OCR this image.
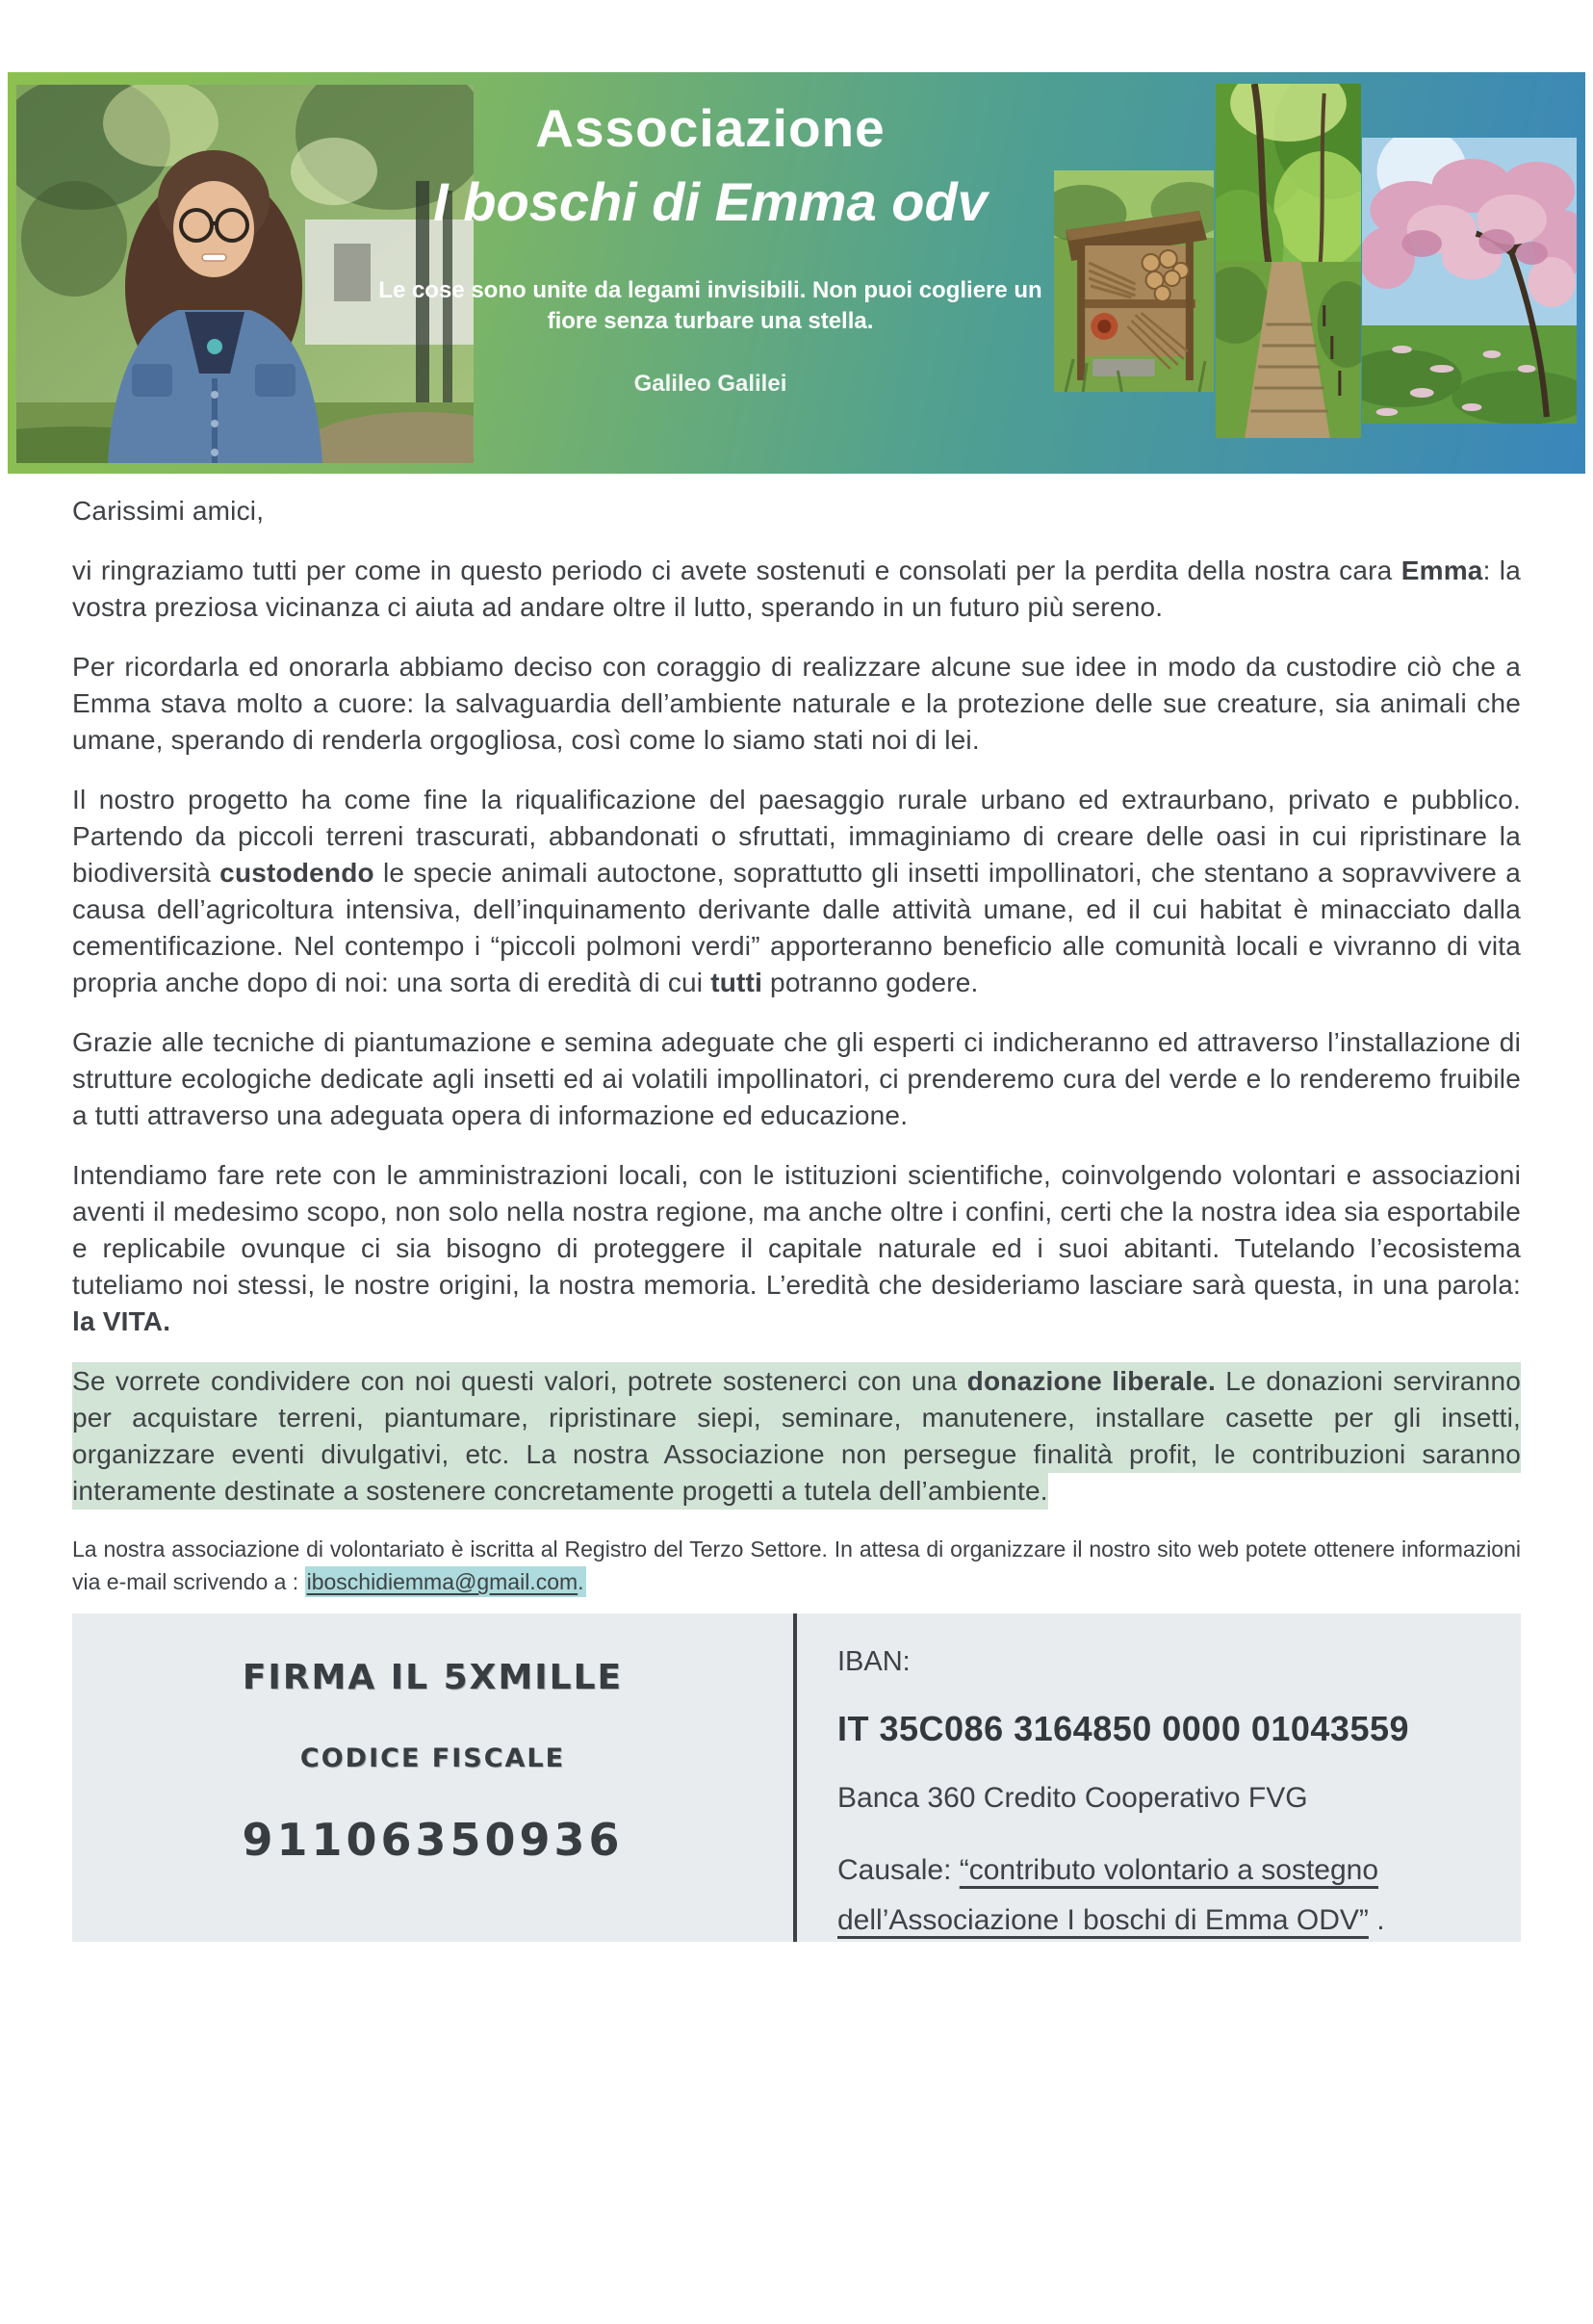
Associazione
I boschi di Emma odv
Le cose sono unite da legami invisibili. Non puoi cogliere un
fiore senza turbare una stella.
Galileo Galilei

Carissimi amici,

vi ringraziamo tutti per come in questo periodo ci avete sostenuti e consolati per la perdita della nostra cara Emma: la vostra preziosa vicinanza ci aiuta ad andare oltre il lutto, sperando in un futuro più sereno.

Per ricordarla ed onorarla abbiamo deciso con coraggio di realizzare alcune sue idee in modo da custodire ciò che a Emma stava molto a cuore: la salvaguardia dell’ambiente naturale e la protezione delle sue creature, sia animali che umane, sperando di renderla orgogliosa, così come lo siamo stati noi di lei.

Il nostro progetto ha come fine la riqualificazione del paesaggio rurale urbano ed extraurbano, privato e pubblico. Partendo da piccoli terreni trascurati, abbandonati o sfruttati, immaginiamo di creare delle oasi in cui ripristinare la biodiversità custodendo le specie animali autoctone, soprattutto gli insetti impollinatori, che stentano a sopravvivere a causa dell’agricoltura intensiva, dell’inquinamento derivante dalle attività umane, ed il cui habitat è minacciato dalla cementificazione. Nel contempo i “piccoli polmoni verdi” apporteranno beneficio alle comunità locali e vivranno di vita propria anche dopo di noi: una sorta di eredità di cui tutti potranno godere.

Grazie alle tecniche di piantumazione e semina adeguate che gli esperti ci indicheranno ed attraverso l’installazione di strutture ecologiche dedicate agli insetti ed ai volatili impollinatori, ci prenderemo cura del verde e lo renderemo fruibile a tutti attraverso una adeguata opera di informazione ed educazione.

Intendiamo fare rete con le amministrazioni locali, con le istituzioni scientifiche, coinvolgendo volontari e associazioni aventi il medesimo scopo, non solo nella nostra regione, ma anche oltre i confini, certi che la nostra idea sia esportabile e replicabile ovunque ci sia bisogno di proteggere il capitale naturale ed i suoi abitanti. Tutelando l’ecosistema tuteliamo noi stessi, le nostre origini, la nostra memoria. L’eredità che desideriamo lasciare sarà questa, in una parola: la VITA.

Se vorrete condividere con noi questi valori, potrete sostenerci con una donazione liberale. Le donazioni serviranno per acquistare terreni, piantumare, ripristinare siepi, seminare, manutenere, installare casette per gli insetti, organizzare eventi divulgativi, etc. La nostra Associazione non persegue finalità profit, le contribuzioni saranno interamente destinate a sostenere concretamente progetti a tutela dell’ambiente.

La nostra associazione di volontariato è iscritta al Registro del Terzo Settore. In attesa di organizzare il nostro sito web potete ottenere informazioni via e-mail scrivendo a : iboschidiemma@gmail.com.

FIRMA IL 5XMILLE
CODICE FISCALE
91106350936
IBAN:
IT 35C086 3164850 0000 01043559
Banca 360 Credito Cooperativo FVG
Causale: “contributo volontario a sostegno dell’Associazione I boschi di Emma ODV” .
